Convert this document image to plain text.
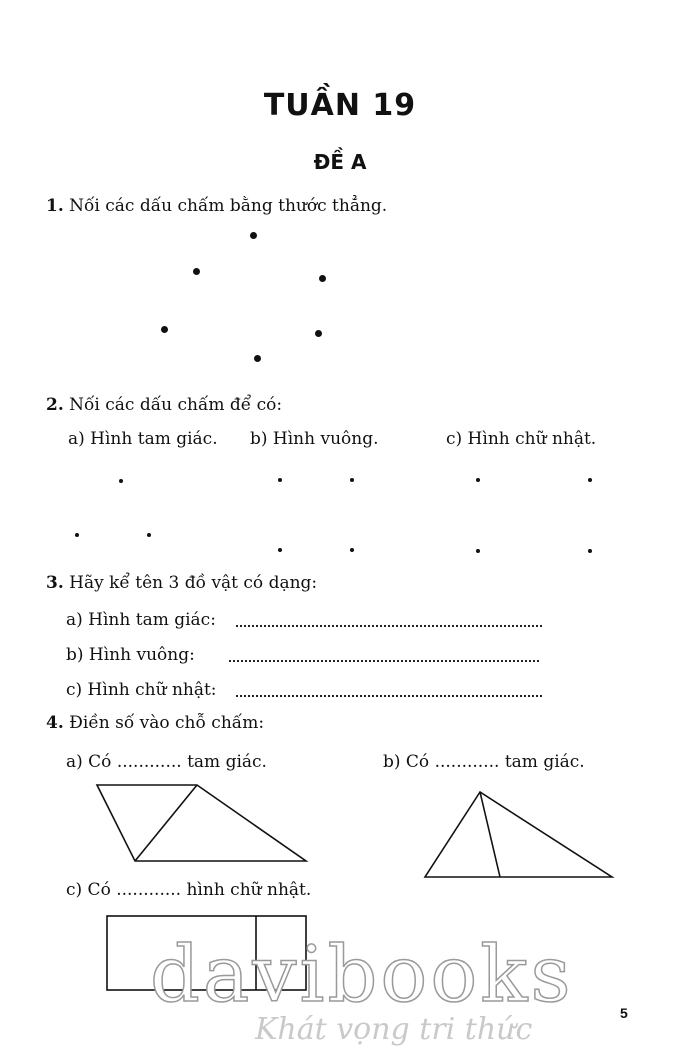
TUẦN 19
ĐỀ A
1. Nối các dấu chấm bằng thước thẳng.
2. Nối các dấu chấm để có:
a) Hình tam giác. b) Hình vuông.	c) Hình chữ nhật.
3. Hãy kể tên 3 đồ vật có dạng:
a) Hình tam giác:
b) Hình vuông:
c) Hình chữ nhật:
4. Điền số vào chỗ chấm:
a) Có ............ tam giác.	b) Có ............ tam giác.
c) Có ............ hình chữ nhật.
davibooks
Khát vọng tri thức	5
